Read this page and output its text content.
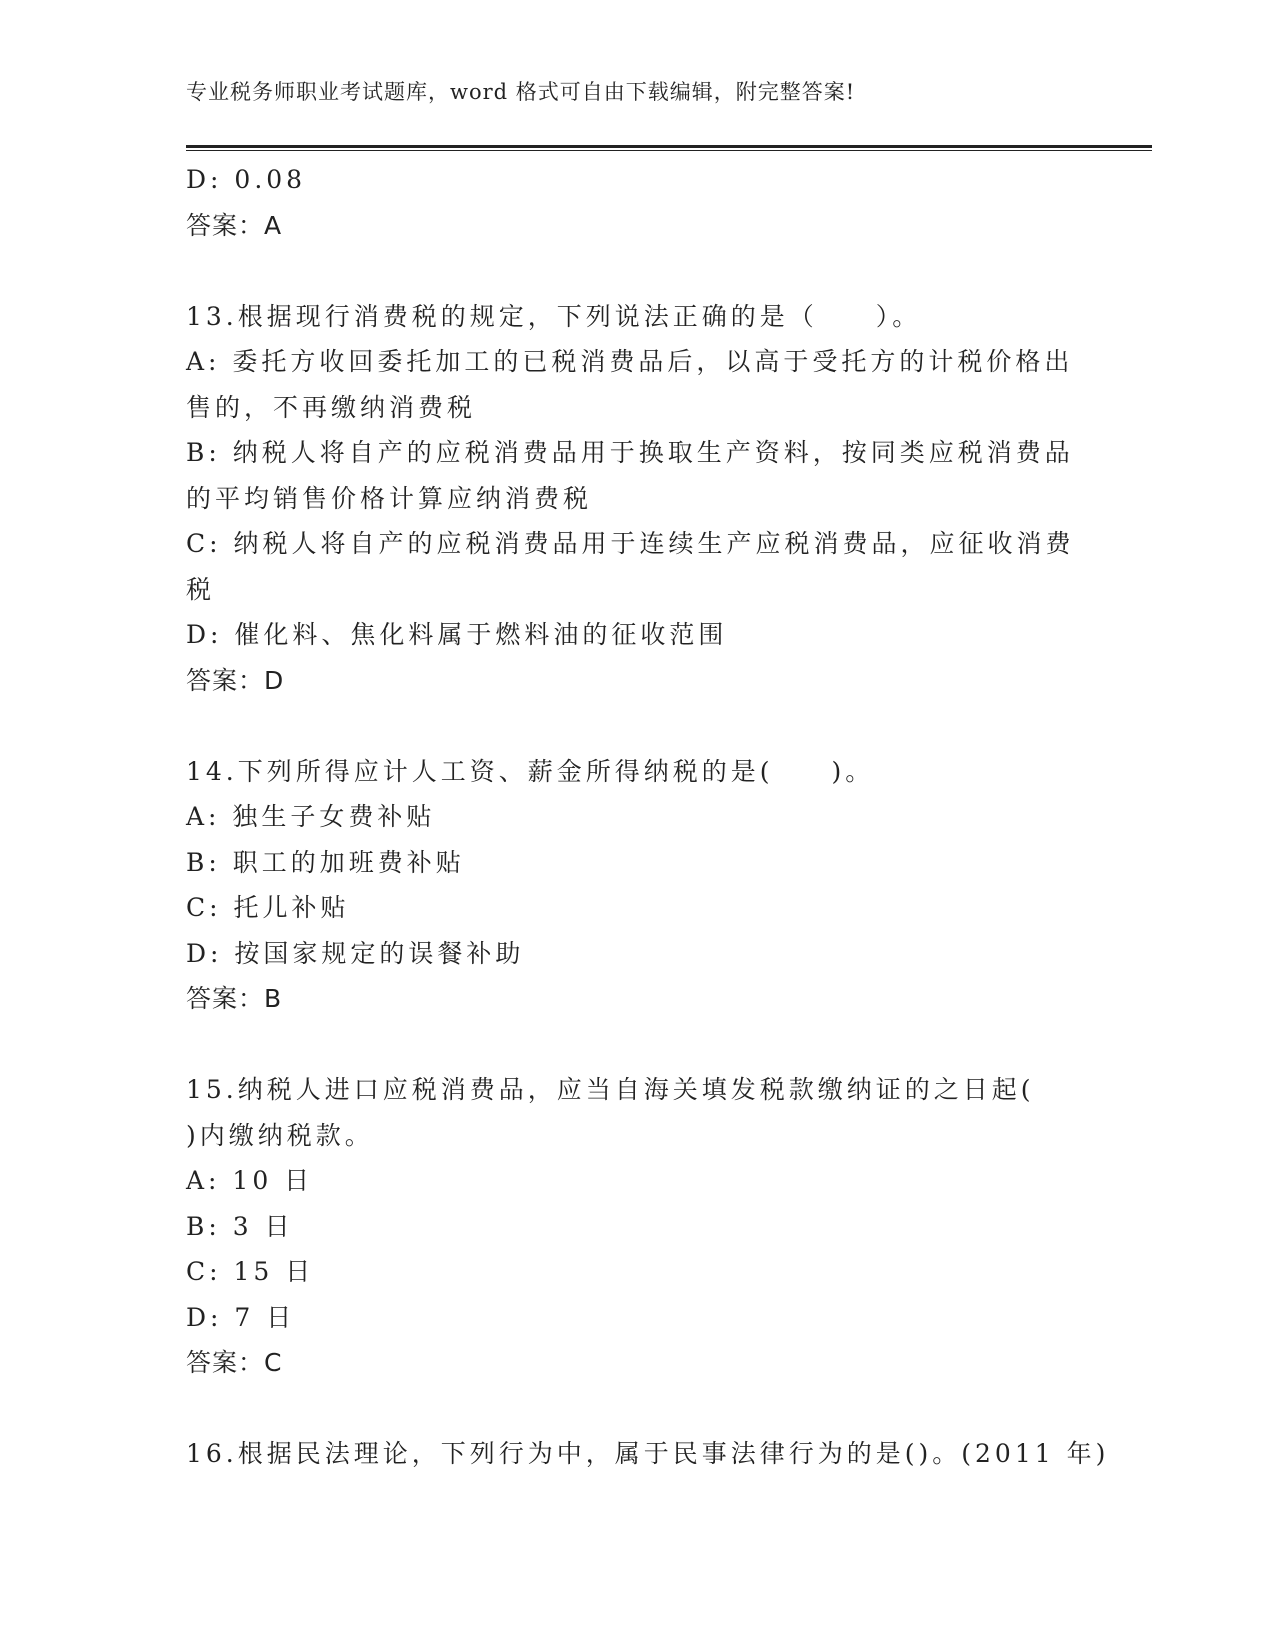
专业税务师职业考试题库，word 格式可自由下载编辑，附完整答案!
D: 0.08
答案：A
13.根据现行消费税的规定，下列说法正确的是（　　）。
A: 委托方收回委托加工的已税消费品后，以高于受托方的计税价格出
售的，不再缴纳消费税
B: 纳税人将自产的应税消费品用于换取生产资料，按同类应税消费品
的平均销售价格计算应纳消费税
C: 纳税人将自产的应税消费品用于连续生产应税消费品，应征收消费
税
D: 催化料、焦化料属于燃料油的征收范围
答案：D
14.下列所得应计人工资、薪金所得纳税的是(　　)。
A: 独生子女费补贴
B: 职工的加班费补贴
C: 托儿补贴
D: 按国家规定的误餐补助
答案：B
15.纳税人进口应税消费品，应当自海关填发税款缴纳证的之日起(
)内缴纳税款。
A: 10 日
B: 3 日
C: 15 日
D: 7 日
答案：C
16.根据民法理论，下列行为中，属于民事法律行为的是()。(2011 年)
